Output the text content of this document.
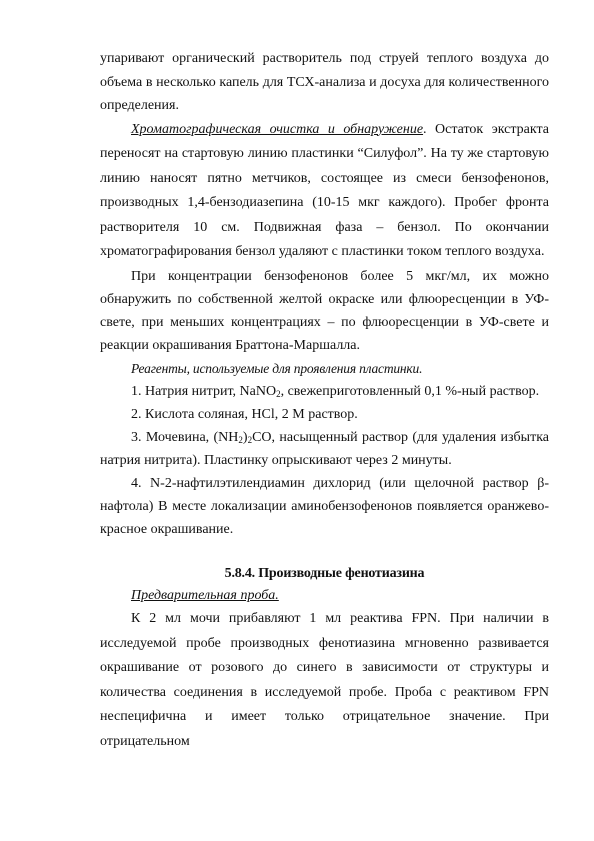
упаривают органический растворитель под струей теплого воздуха до объема в несколько капель для ТСХ-анализа и досуха для количественного определения.

Хроматографическая очистка и обнаружение. Остаток экстракта переносят на стартовую линию пластинки “Силуфол”. На ту же стартовую линию наносят пятно метчиков, состоящее из смеси бензофенонов, производных 1,4-бензодиазепина (10-15 мкг каждого). Пробег фронта растворителя 10 см. Подвижная фаза – бензол. По окончании хроматографирования бензол удаляют с пластинки током теплого воздуха.

При концентрации бензофенонов более 5 мкг/мл, их можно обнаружить по собственной желтой окраске или флюоресценции в УФ-свете, при меньших концентрациях – по флюоресценции в УФ-свете и реакции окрашивания Браттона-Маршалла.

Реагенты, используемые для проявления пластинки.

1. Натрия нитрит, NaNO$_2$, свежеприготовленный 0,1 %-ный раствор.

2. Кислота соляная, HCl, 2 М раствор.

3. Мочевина, $(NH_2)_2CO$, насыщенный раствор (для удаления избытка натрия нитрита). Пластинку опрыскивают через 2 минуты.

4. N-2-нафтилэтилендиамин дихлорид (или щелочной раствор β-нафтола) В месте локализации аминобензофенонов появляется оранжево-красное окрашивание.

5.8.4. Производные фенотиазина

Предварительная проба.

К 2 мл мочи прибавляют 1 мл реактива FPN. При наличии в исследуемой пробе производных фенотиазина мгновенно развивается окрашивание от розового до синего в зависимости от структуры и количества соединения в исследуемой пробе. Проба с реактивом FPN неспецифична и имеет только отрицательное значение. При отрицательном
